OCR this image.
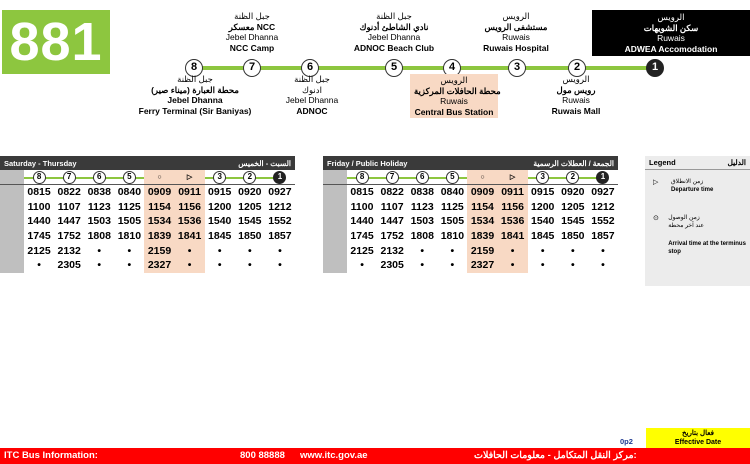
881	8	7	6	5	4	3	2	1
جبل الظنة
محطة العبارة (ميناء صير)
Jebel Dhanna
Ferry Terminal (Sir Baniyas)
جبل الظنة
ادنوك
Jebel Dhanna
ADNOC
الرويس
محطة الحافلات المركزية
Ruwais
Central Bus Station
الرويس
رويس مول
Ruwais
Ruwais Mall
جبل الظنة
معسكر NCC
Jebel Dhanna
NCC Camp
جبل الظنة
نادي الشاطئ أدنوك
Jebel Dhanna
ADNOC Beach Club
الرويس
مستشفى الرويس
Ruwais
Ruwais Hospital
الرويس
سكن الشويهات
Ruwais
ADWEA Accomodation
Saturday - Thursday	السبت - الخميس
	8	7	6	5	○	▷	3	2	1
	0815	0822	0838	0840	0909	0911	0915	0920	0927
	1100	1107	1123	1125	1154	1156	1200	1205	1212
	1440	1447	1503	1505	1534	1536	1540	1545	1552
	1745	1752	1808	1810	1839	1841	1845	1850	1857
	2125	2132	•	•	2159	•	•	•	•
	•	2305	•	•	2327	•	•	•	•
Friday / Public Holiday	الجمعة / العطلات الرسمية
	8	7	6	5	○	▷	3	2	1
	0815	0822	0838	0840	0909	0911	0915	0920	0927
	1100	1107	1123	1125	1154	1156	1200	1205	1212
	1440	1447	1503	1505	1534	1536	1540	1545	1552
	1745	1752	1808	1810	1839	1841	1845	1850	1857
	2125	2132	•	•	2159	•	•	•	•
	•	2305	•	•	2327	•	•	•	•
Legend	الدليل
▷	زمن الانطلاق
Departure time
⊙	زمن الوصول
عند آخر محطة
Arrival time at the terminus stop
0p2
فعال بتاريخ
Effective Date
ITC Bus Information:	800 88888 www.itc.gov.ae	مركز النقل المتكامل - معلومات الحافلات:
